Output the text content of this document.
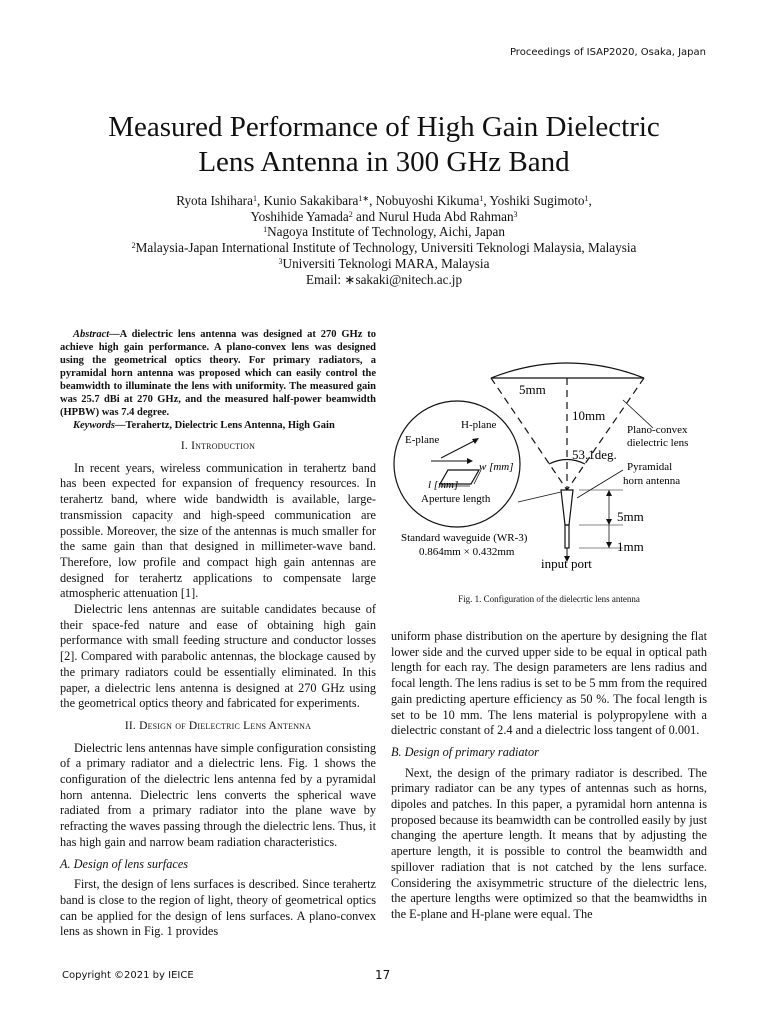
Proceedings of ISAP2020, Osaka, Japan
Measured Performance of High Gain Dielectric
Lens Antenna in 300 GHz Band
Ryota Ishihara$^1$, Kunio Sakakibara$^{1∗}$, Nobuyoshi Kikuma$^1$, Yoshiki Sugimoto$^1$,
Yoshihide Yamada$^2$ and Nurul Huda Abd Rahman$^3$
$^1$Nagoya Institute of Technology, Aichi, Japan
$^2$Malaysia-Japan International Institute of Technology, Universiti Teknologi Malaysia, Malaysia
$^3$Universiti Teknologi MARA, Malaysia
Email: ∗sakaki@nitech.ac.jp

Abstract—A dielectric lens antenna was designed at 270 GHz to achieve high gain performance. A plano-convex lens was designed using the geometrical optics theory. For primary radiators, a pyramidal horn antenna was proposed which can easily control the beamwidth to illuminate the lens with uniformity. The measured gain was 25.7 dBi at 270 GHz, and the measured half-power beamwidth (HPBW) was 7.4 degree.

Keywords—Terahertz, Dielectric Lens Antenna, High Gain

I. Introduction

In recent years, wireless communication in terahertz band has been expected for expansion of frequency resources. In terahertz band, where wide bandwidth is available, large-transmission capacity and high-speed communication are possible. Moreover, the size of the antennas is much smaller for the same gain than that designed in millimeter-wave band. Therefore, low profile and compact high gain antennas are designed for terahertz applications to compensate large atmospheric attenuation [1].

Dielectric lens antennas are suitable candidates because of their space-fed nature and ease of obtaining high gain performance with small feeding structure and conductor losses [2]. Compared with parabolic antennas, the blockage caused by the primary radiators could be essentially eliminated. In this paper, a dielectric lens antenna is designed at 270 GHz using the geometrical optics theory and fabricated for experiments.

II. Design of Dielectric Lens Antenna

Dielectric lens antennas have simple configuration consisting of a primary radiator and a dielectric lens. Fig. 1 shows the configuration of the dielectric lens antenna fed by a pyramidal horn antenna. Dielectric lens converts the spherical wave radiated from a primary radiator into the plane wave by refracting the waves passing through the dielectric lens. Thus, it has high gain and narrow beam radiation characteristics.

A. Design of lens surfaces

First, the design of lens surfaces is described. Since terahertz band is close to the region of light, theory of geometrical optics can be applied for the design of lens surfaces. A plano-convex lens as shown in Fig. 1 provides

5mm
10mm
53.1deg.
Plano-convex
dielectric lens
Pyramidal
horn antenna
H-plane
E-plane
w [mm]
l [mm]
Aperture length
5mm
1mm
Standard waveguide (WR-3)
0.864mm × 0.432mm
input port
Fig. 1. Configuration of the dielecrtic lens antenna

uniform phase distribution on the aperture by designing the flat lower side and the curved upper side to be equal in optical path length for each ray. The design parameters are lens radius and focal length. The lens radius is set to be 5 mm from the required gain predicting aperture efficiency as 50 %. The focal length is set to be 10 mm. The lens material is polypropylene with a dielectric constant of 2.4 and a dielectric loss tangent of 0.001.

B. Design of primary radiator

Next, the design of the primary radiator is described. The primary radiator can be any types of antennas such as horns, dipoles and patches. In this paper, a pyramidal horn antenna is proposed because its beamwidth can be controlled easily by just changing the aperture length. It means that by adjusting the aperture length, it is possible to control the beamwidth and spillover radiation that is not catched by the lens surface. Considering the axisymmetric structure of the dielectric lens, the aperture lengths were optimized so that the beamwidths in the E-plane and H-plane were equal. The

Copyright ©2021 by IEICE	17
